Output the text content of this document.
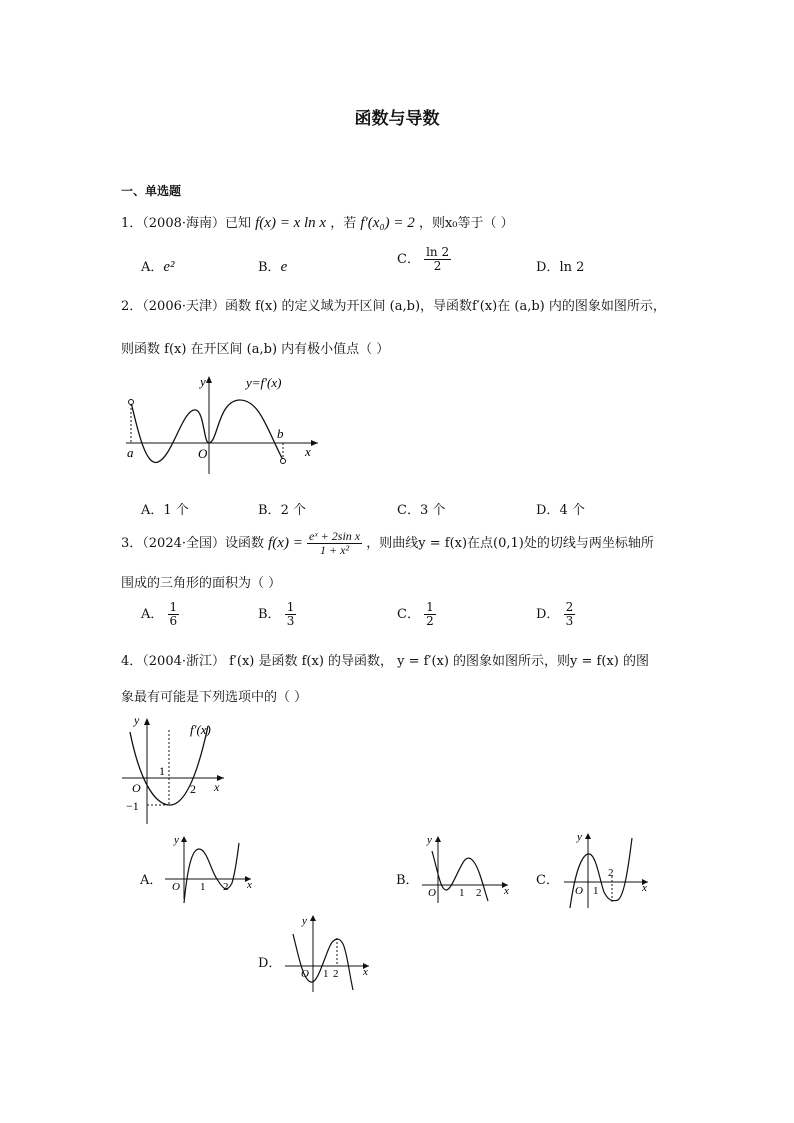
函数与导数
一、单选题
1．（2008·海南）已知 f(x) = x ln x ，若 f′(x₀) = 2 ，则x₀等于（ ）
A．e²	B．e	C． $\frac{\ln 2}{2}$	D．ln 2
2．（2006·天津）函数 f(x) 的定义域为开区间 (a,b)，导函数f′(x)在 (a,b) 内的图象如图所示，
则函数 f(x) 在开区间 (a,b) 内有极小值点（ ）
y	y=f′(x)
x
O
a
b
A．1 个	B．2 个	C．3 个	D．4 个
3．（2024·全国）设函数 $f(x) = \frac{\text{eˣ + 2sin x}}{\text{1 + x²}}$ ，则曲线y = f(x)在点(0,1)处的切线与两坐标轴所
围成的三角形的面积为（ ）
A． $\frac{1}{6}$	B． $\frac{1}{3}$	C． $\frac{1}{2}$	D． $\frac{2}{3}$
4．（2004·浙江） f′(x) 是函数 f(x) 的导函数， y = f′(x) 的图象如图所示，则y = f(x) 的图
象最有可能是下列选项中的（ ）
y
f′(x)
x
O
1
2
−1
A．
y
x
O 1 2	B．
y
x
O 1 2
C．
y
x
O 1
2
D．
y
x
O 1 2
